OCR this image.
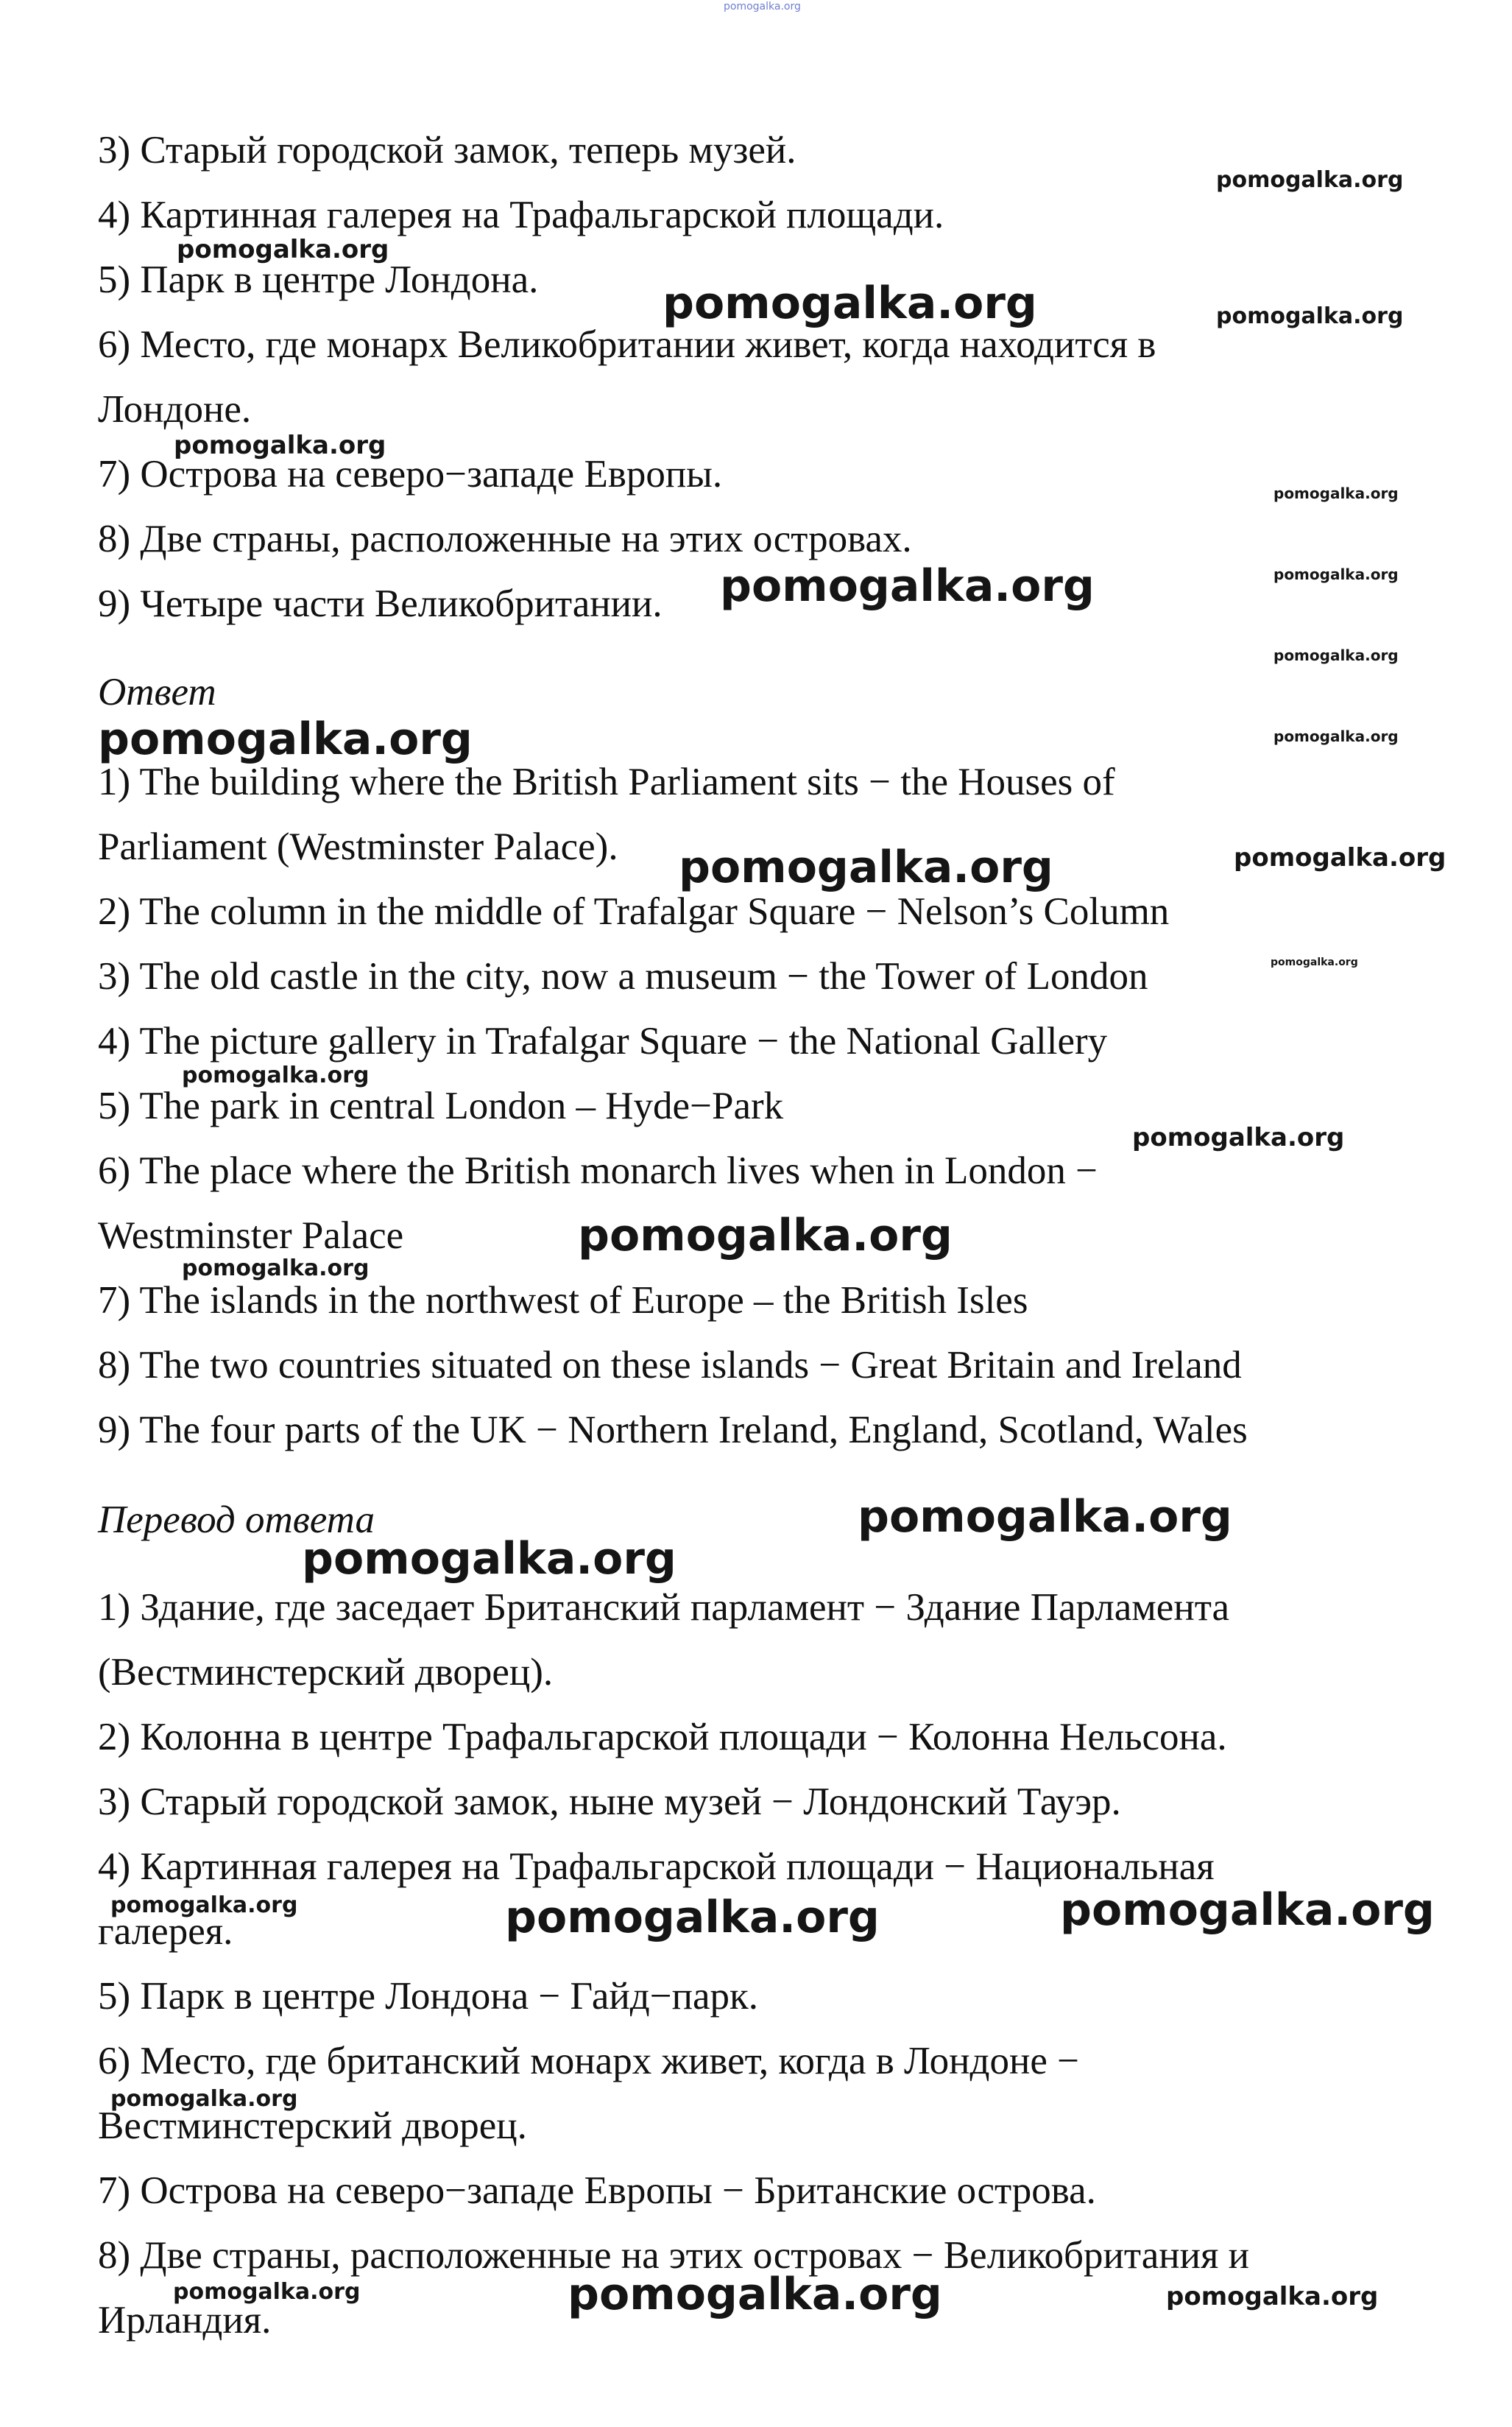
pomogalka.org
3) Старый городской замок, теперь музей.
4) Картинная галерея на Трафальгарской площади.
5) Парк в центре Лондона.
6) Место, где монарх Великобритании живет, когда находится в
Лондоне.
7) Острова на северо−западе Европы.
8) Две страны, расположенные на этих островах.
9) Четыре части Великобритании.
Ответ
1) The building where the British Parliament sits − the Houses of
Parliament (Westminster Palace).
2) The column in the middle of Trafalgar Square − Nelson’s Column
3) The old castle in the city, now a museum − the Tower of London
4) The picture gallery in Trafalgar Square − the National Gallery
5) The park in central London – Hyde−Park
6) The place where the British monarch lives when in London −
Westminster Palace
7) The islands in the northwest of Europe – the British Isles
8) The two countries situated on these islands − Great Britain and Ireland
9) The four parts of the UK − Northern Ireland, England, Scotland, Wales
Перевод ответа
1) Здание, где заседает Британский парламент − Здание Парламента
(Вестминстерский дворец).
2) Колонна в центре Трафальгарской площади − Колонна Нельсона.
3) Старый городской замок, ныне музей − Лондонский Тауэр.
4) Картинная галерея на Трафальгарской площади − Национальная
галерея.
5) Парк в центре Лондона − Гайд−парк.
6) Место, где британский монарх живет, когда в Лондоне −
Вестминстерский дворец.
7) Острова на северо−западе Европы − Британские острова.
8) Две страны, расположенные на этих островах − Великобритания и
Ирландия.
pomogalka.org
pomogalka.org
pomogalka.org	pomogalka.org
pomogalka.org
pomogalka.org
pomogalka.org
pomogalka.org
pomogalka.org
pomogalka.org	pomogalka.org
pomogalka.org	pomogalka.org
pomogalka.org
pomogalka.org
pomogalka.org
pomogalka.org
pomogalka.org
pomogalka.org
pomogalka.org
pomogalka.org	pomogalka.org	pomogalka.org
pomogalka.org
pomogalka.org	pomogalka.org	pomogalka.org
